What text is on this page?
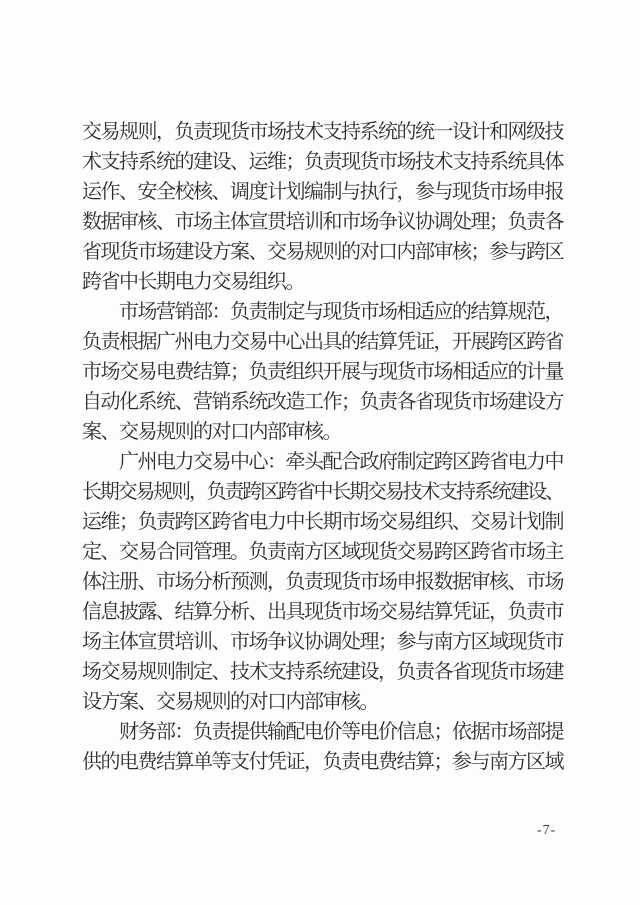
交易规则，负责现货市场技术支持系统的统一设计和网级技
术支持系统的建设、运维；负责现货市场技术支持系统具体
运作、安全校核、调度计划编制与执行，参与现货市场申报
数据审核、市场主体宣贯培训和市场争议协调处理；负责各
省现货市场建设方案、交易规则的对口内部审核；参与跨区
跨省中长期电力交易组织。
市场营销部：负责制定与现货市场相适应的结算规范，
负责根据广州电力交易中心出具的结算凭证，开展跨区跨省
市场交易电费结算；负责组织开展与现货市场相适应的计量
自动化系统、营销系统改造工作；负责各省现货市场建设方
案、交易规则的对口内部审核。
广州电力交易中心：牵头配合政府制定跨区跨省电力中
长期交易规则，负责跨区跨省中长期交易技术支持系统建设、
运维；负责跨区跨省电力中长期市场交易组织、交易计划制
定、交易合同管理。负责南方区域现货交易跨区跨省市场主
体注册、市场分析预测，负责现货市场申报数据审核、市场
信息披露、结算分析、出具现货市场交易结算凭证，负责市
场主体宣贯培训、市场争议协调处理；参与南方区域现货市
场交易规则制定、技术支持系统建设，负责各省现货市场建
设方案、交易规则的对口内部审核。
财务部：负责提供输配电价等电价信息；依据市场部提
供的电费结算单等支付凭证，负责电费结算；参与南方区域
-7-
